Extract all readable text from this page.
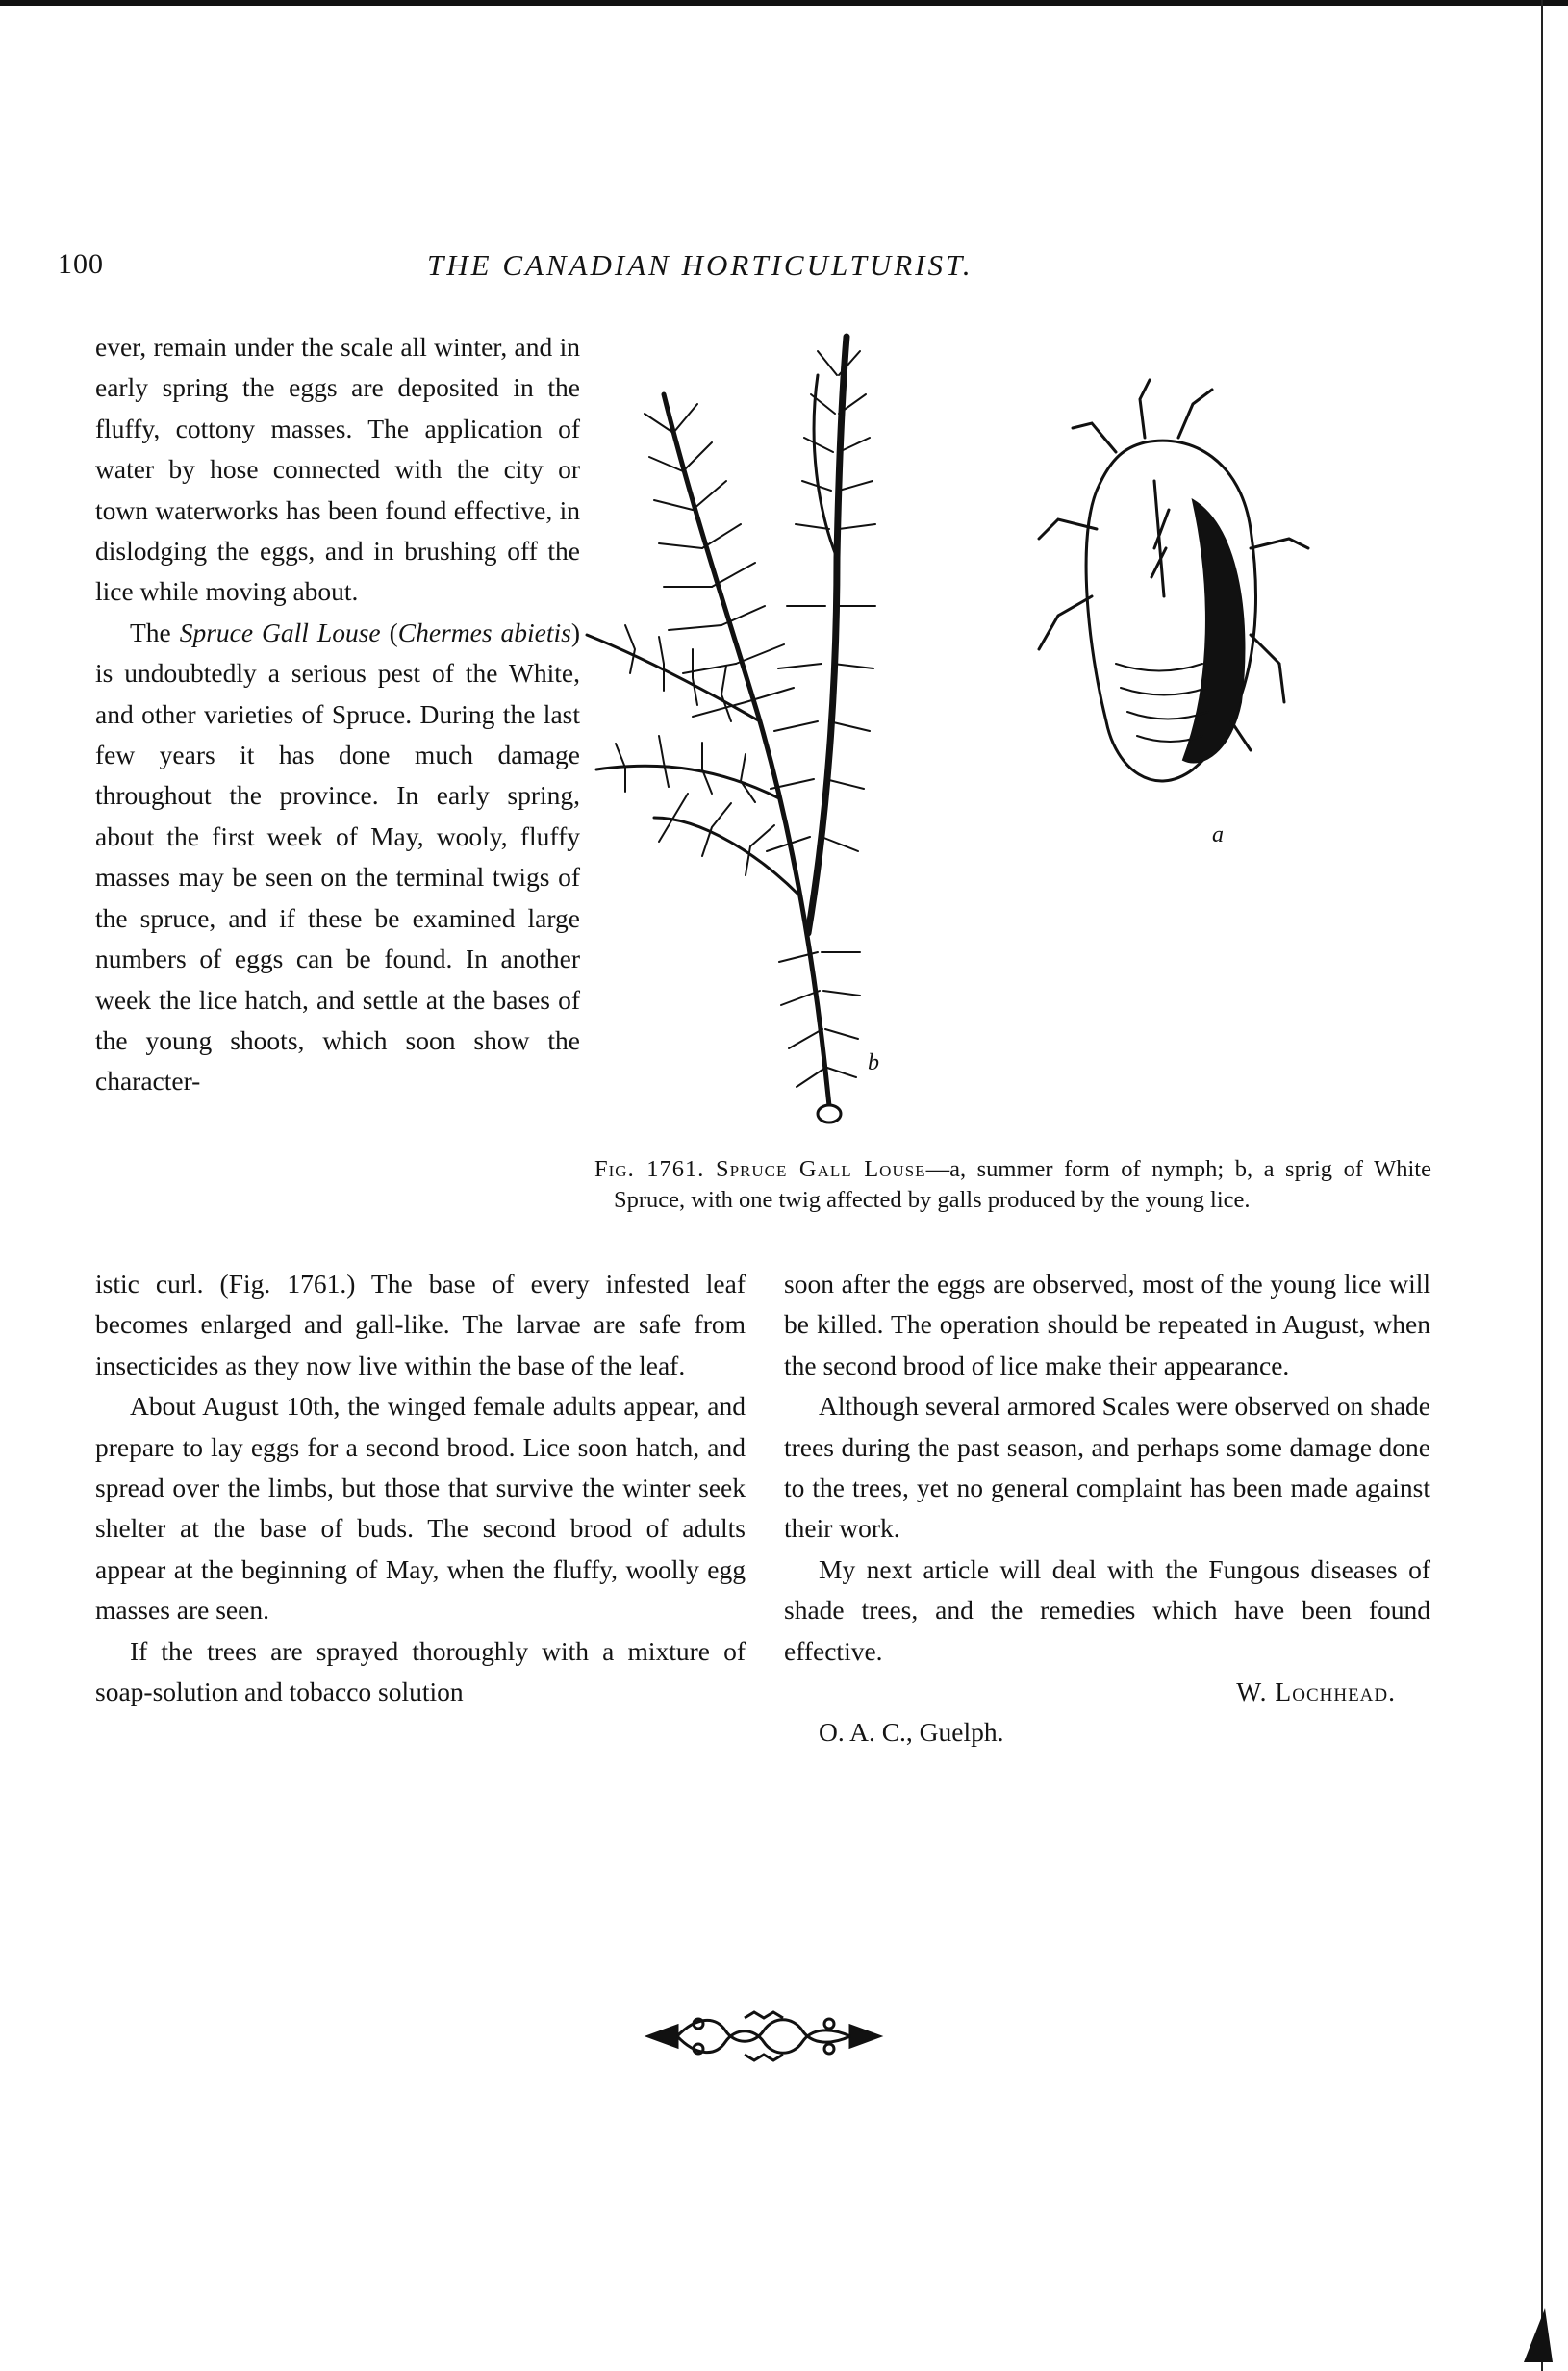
100	THE CANADIAN HORTICULTURIST.

ever, remain under the scale all winter, and in early spring the eggs are deposited in the fluffy, cottony masses. The application of water by hose connected with the city or town waterworks has been found effective, in dislodging the eggs, and in brushing off the lice while moving about.

The Spruce Gall Louse (Chermes abietis) is undoubtedly a serious pest of the White, and other varieties of Spruce. During the last few years it has done much damage throughout the province. In early spring, about the first week of May, wooly, fluffy masses may be seen on the terminal twigs of the spruce, and if these be examined large numbers of eggs can be found. In another week the lice hatch, and settle at the bases of the young shoots, which soon show the character-

b
a
Fig. 1761. Spruce Gall Louse—a, summer form of nymph; b, a sprig of White Spruce, with one twig affected by galls produced by the young lice.

istic curl. (Fig. 1761.) The base of every infested leaf becomes enlarged and gall-like. The larvae are safe from insecticides as they now live within the base of the leaf.

About August 10th, the winged female adults appear, and prepare to lay eggs for a second brood. Lice soon hatch, and spread over the limbs, but those that survive the winter seek shelter at the base of buds. The second brood of adults appear at the beginning of May, when the fluffy, woolly egg masses are seen.

If the trees are sprayed thoroughly with a mixture of soap-solution and tobacco solution

soon after the eggs are observed, most of the young lice will be killed. The operation should be repeated in August, when the second brood of lice make their appearance.

Although several armored Scales were observed on shade trees during the past season, and perhaps some damage done to the trees, yet no general complaint has been made against their work.

My next article will deal with the Fungous diseases of shade trees, and the remedies which have been found effective.

W. Lochhead.

O. A. C., Guelph.
